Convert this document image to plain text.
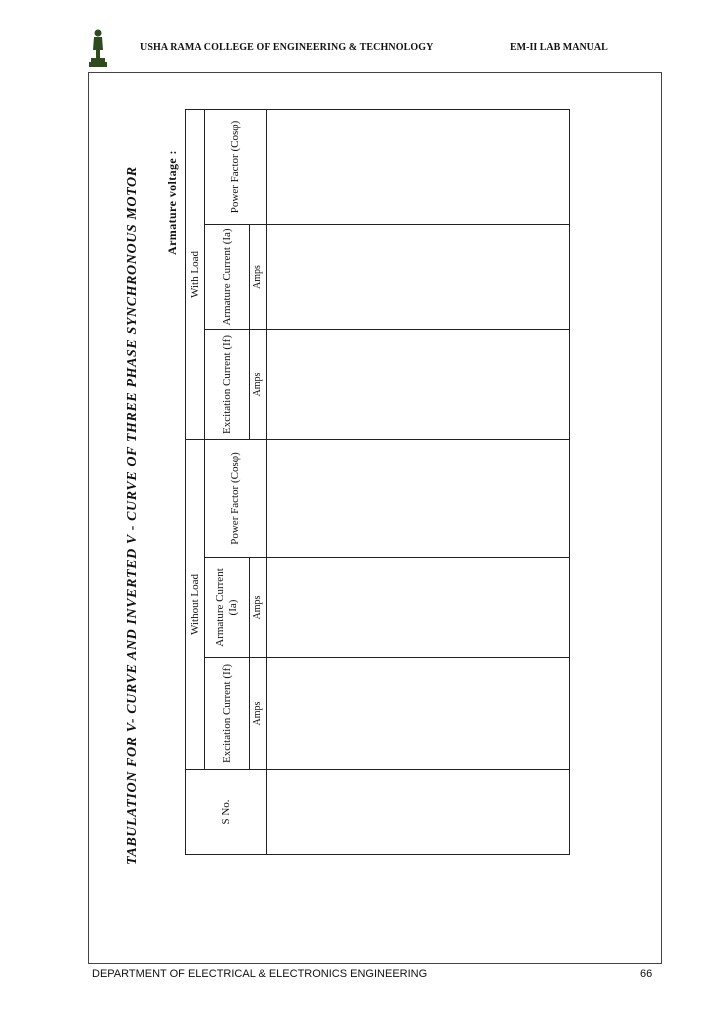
USHA RAMA COLLEGE OF ENGINEERING & TECHNOLOGY	EM-II LAB MANUAL
TABULATION FOR V- CURVE AND INVERTED V - CURVE OF THREE PHASE SYNCHRONOUS MOTOR Armature voltage :
S No.	Without Load			With Load		
	Excitation Current (If)	Armature Current (Ia)	Power Factor (Cosφ)	Excitation Current (If)	Armature Current (Ia)	Power Factor (Cosφ)
	Amps	Amps		Amps	Amps	

DEPARTMENT OF ELECTRICAL & ELECTRONICS ENGINEERING	66
